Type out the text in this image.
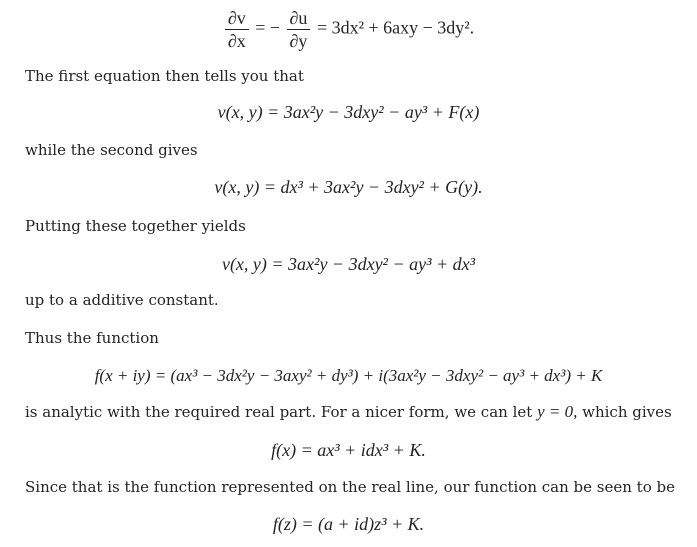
$\frac{\partial v}{\partial x}$ = − $\frac{\partial u}{\partial y} = 3dx^2 + 6axy - 3dy^2$.
The first equation then tells you that
v(x, y) = 3ax²y − 3dxy² − ay³ + F(x)
while the second gives
v(x, y) = dx³ + 3ax²y − 3dxy² + G(y).
Putting these together yields
v(x, y) = 3ax²y − 3dxy² − ay³ + dx³
up to a additive constant.
Thus the function
f(x + iy) = (ax³ − 3dx²y − 3axy² + dy³) + i(3ax²y − 3dxy² − ay³ + dx³) + K
is analytic with the required real part. For a nicer form, we can let y = 0, which gives
f(x) = ax³ + idx³ + K.
Since that is the function represented on the real line, our function can be seen to be
f(z) = (a + id)z³ + K.
